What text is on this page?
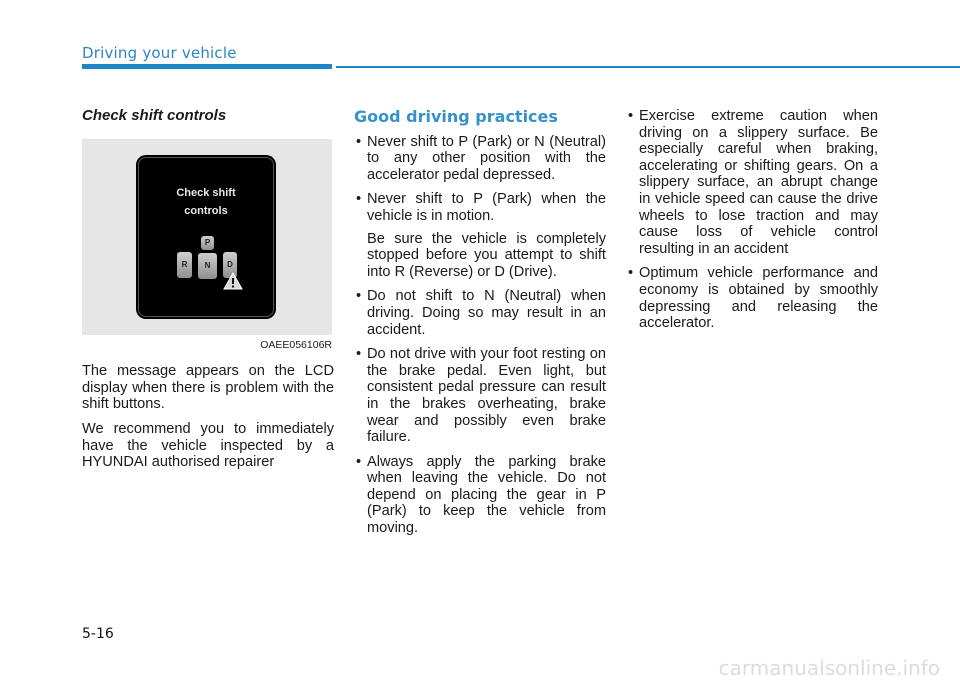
Driving your vehicle
Check shift controls
Check shift
controls
P
R	N	D
OAEE056106R

The message appears on the LCD display when there is problem with the shift buttons.

We recommend you to immediately have the vehicle inspected by a HYUNDAI authorised repairer

Good driving practices
• Never shift to P (Park) or N (Neutral) to any other position with the accelerator pedal depressed.
• Never shift to P (Park) when the vehicle is in motion.

Be sure the vehicle is completely stopped before you attempt to shift into R (Reverse) or D (Drive).

• Do not shift to N (Neutral) when driving. Doing so may result in an accident.
• Do not drive with your foot resting on the brake pedal. Even light, but consistent pedal pressure can result in the brakes overheating, brake wear and possibly even brake failure.
• Always apply the parking brake when leaving the vehicle. Do not depend on placing the gear in P (Park) to keep the vehicle from moving.
• Exercise extreme caution when driving on a slippery surface. Be especially careful when braking, accelerating or shifting gears. On a slippery surface, an abrupt change in vehicle speed can cause the drive wheels to lose traction and may cause loss of vehicle control resulting in an accident
• Optimum vehicle performance and economy is obtained by smoothly depressing and releasing the accelerator.
5-16
carmanualsonline.info
